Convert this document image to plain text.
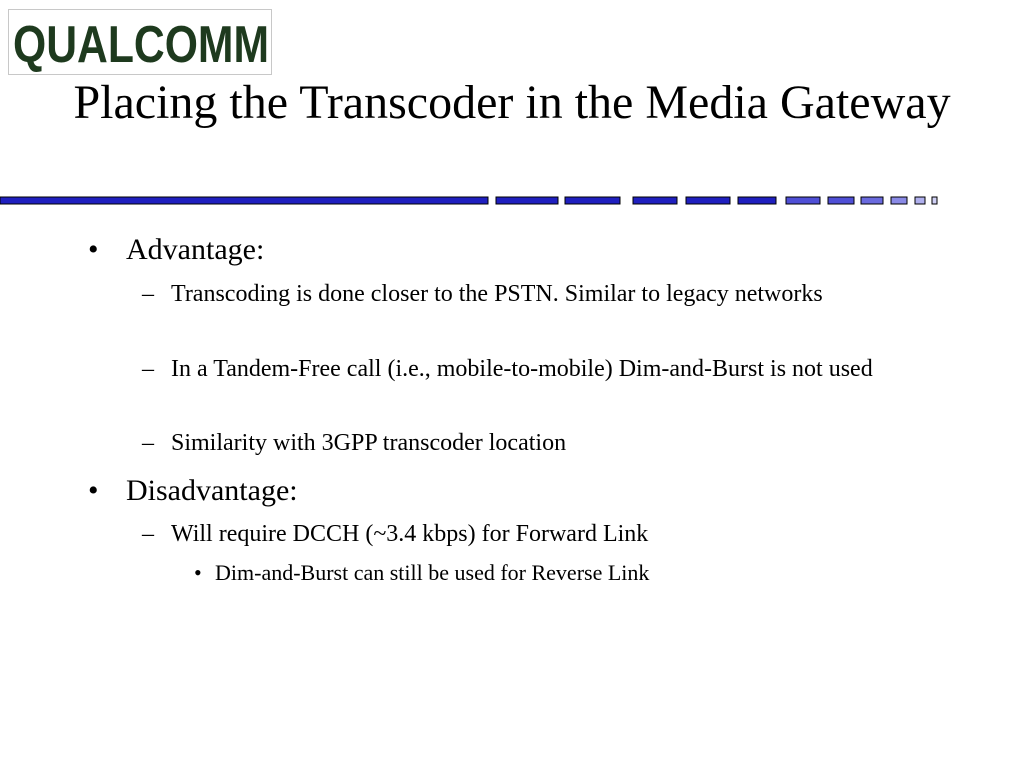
QUALCOMM
Placing the Transcoder in the Media Gateway
• Advantage:
– Transcoding is done closer to the PSTN. Similar to legacy networks
– In a Tandem-Free call (i.e., mobile-to-mobile) Dim-and-Burst is not used
– Similarity with 3GPP transcoder location
• Disadvantage:
– Will require DCCH (~3.4 kbps) for Forward Link
• Dim-and-Burst can still be used for Reverse Link
